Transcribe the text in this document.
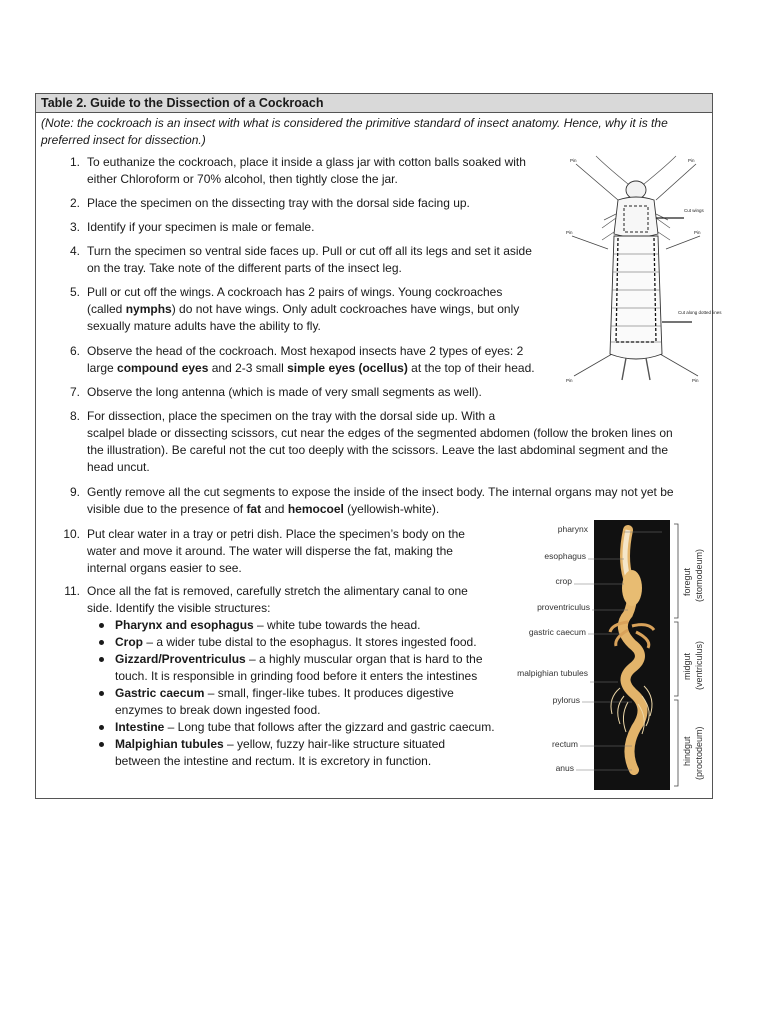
Table 2. Guide to the Dissection of a Cockroach
(Note: the cockroach is an insect with what is considered the primitive standard of insect anatomy. Hence, why it is the preferred insect for dissection.)
1. To euthanize the cockroach, place it inside a glass jar with cotton balls soaked with
either Chloroform or 70% alcohol, then tightly close the jar.
2. Place the specimen on the dissecting tray with the dorsal side facing up.
3. Identify if your specimen is male or female.
4. Turn the specimen so ventral side faces up. Pull or cut off all its legs and set it aside
on the tray. Take note of the different parts of the insect leg.
5. Pull or cut off the wings. A cockroach has 2 pairs of wings. Young cockroaches
(called nymphs) do not have wings. Only adult cockroaches have wings, but only
sexually mature adults have the ability to fly.
6. Observe the head of the cockroach. Most hexapod insects have 2 types of eyes: 2
large compound eyes and 2-3 small simple eyes (ocellus) at the top of their head.
7. Observe the long antenna (which is made of very small segments as well).
8. For dissection, place the specimen on the tray with the dorsal side up. With a
scalpel blade or dissecting scissors, cut near the edges of the segmented abdomen (follow the broken lines on
the illustration). Be careful not the cut too deeply with the scissors. Leave the last abdominal segment and the
head uncut.
9. Gently remove all the cut segments to expose the inside of the insect body. The internal organs may not yet be
visible due to the presence of fat and hemocoel (yellowish-white).
10. Put clear water in a tray or petri dish. Place the specimen’s body on the
water and move it around. The water will disperse the fat, making the
internal organs easier to see.
11. Once all the fat is removed, carefully stretch the alimentary canal to one
side. Identify the visible structures:
Pharynx and esophagus – white tube towards the head.
Crop – a wider tube distal to the esophagus. It stores ingested food.
Gizzard/Proventriculus – a highly muscular organ that is hard to the
touch. It is responsible in grinding food before it enters the intestines
Gastric caecum – small, finger-like tubes. It produces digestive
enzymes to break down ingested food.
Intestine – Long tube that follows after the gizzard and gastric caecum.
Malpighian tubules – yellow, fuzzy hair-like structure situated
between the intestine and rectum. It is excretory in function.
Pin	Pin
Pin	Pin
Pin	Pin
Cut wings
Cut along dotted lines
pharynx
esophagus
crop
proventriculus
gastric caecum
malpighian tubules
pylorus
rectum
anus
foregut (stomodeum)
midgut (ventriculus)
hindgut (proctodeum)
